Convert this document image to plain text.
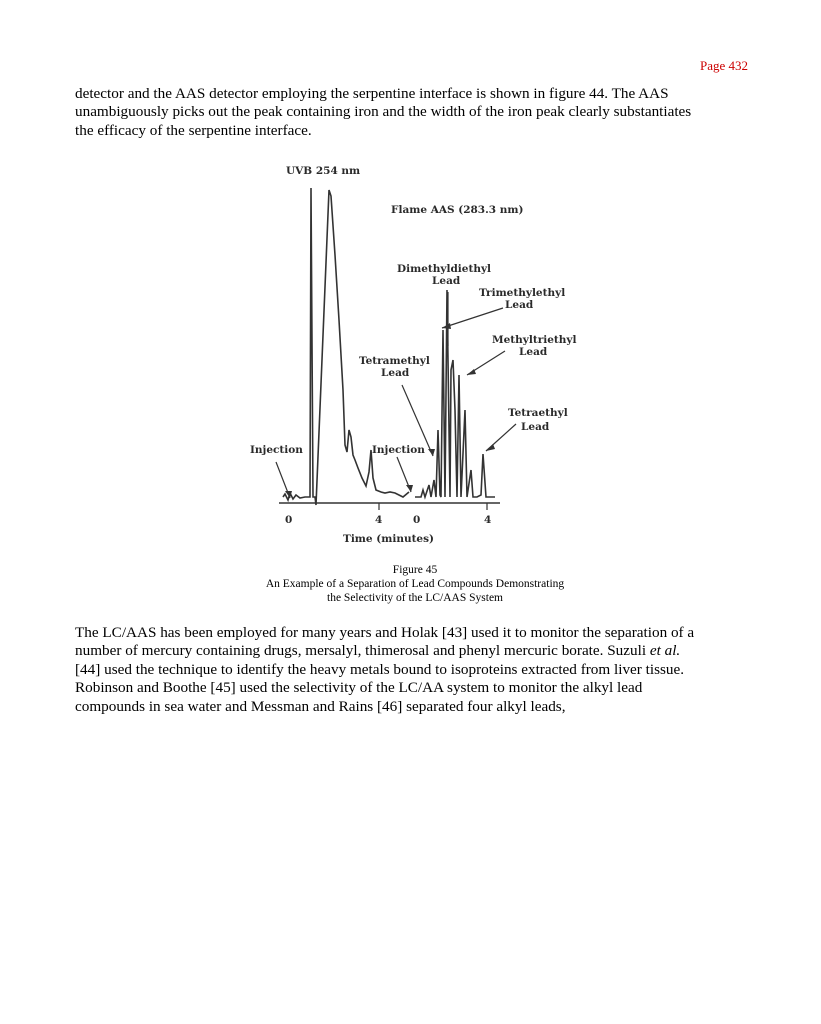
Page 432

detector and the AAS detector employing the serpentine interface is shown in figure 44. The AAS
unambiguously picks out the peak containing iron and the width of the iron peak clearly substantiates
the efficacy of the serpentine interface.

UVB 254 nm
Flame AAS (283.3 nm)
Dimethyldiethyl
Lead
Trimethylethyl
Lead
Methyltriethyl
Lead
Tetramethyl
Lead
Tetraethyl
Lead
Injection	Injection
0	4	0	4
Time (minutes)
Figure 45
An Example of a Separation of Lead Compounds Demonstrating
the Selectivity of the LC/AAS System

The LC/AAS has been employed for many years and Holak [43] used it to monitor the separation of a
number of mercury containing drugs, mersalyl, thimerosal and phenyl mercuric borate. Suzuli et al.
[44] used the technique to identify the heavy metals bound to isoproteins extracted from liver tissue.
Robinson and Boothe [45] used the selectivity of the LC/AA system to monitor the alkyl lead
compounds in sea water and Messman and Rains [46] separated four alkyl leads,
